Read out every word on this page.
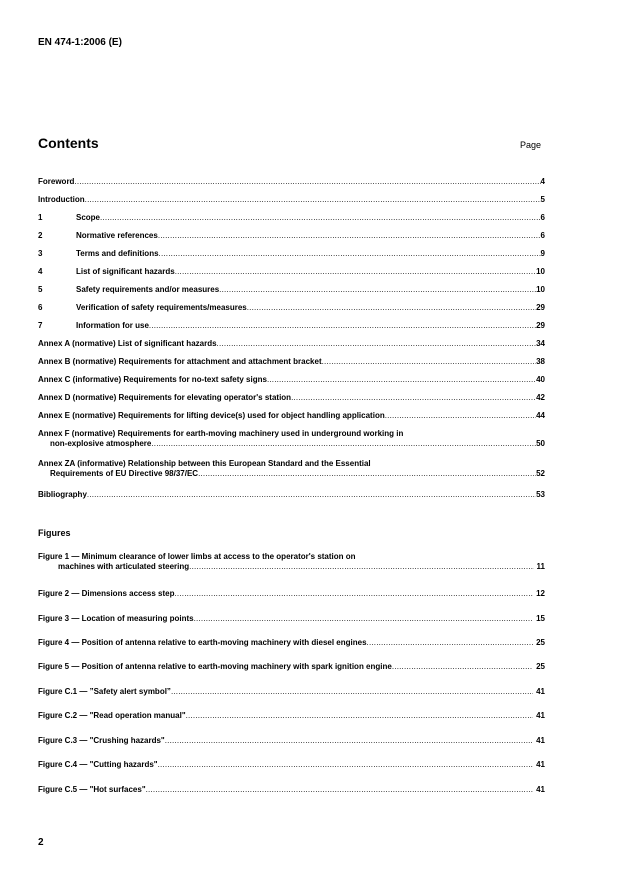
EN 474-1:2006 (E)
Contents	Page
Foreword .....	4
Introduction .....	5
1	Scope .....	6
2	Normative references .....	6
3	Terms and definitions .....	9
4	List of significant hazards .....	10
5	Safety requirements and/or measures .....	10
6	Verification of safety requirements/measures .....	29
7	Information for use .....	29
Annex A (normative) List of significant hazards .....	34
Annex B (normative) Requirements for attachment and attachment bracket .....	38
Annex C (informative) Requirements for no-text safety signs .....	40
Annex D (normative) Requirements for elevating operator's station .....	42
Annex E (normative) Requirements for lifting device(s) used for object handling application .....	44
Annex F (normative) Requirements for earth-moving machinery used in underground working in
non-explosive atmosphere .....	50
Annex ZA (informative) Relationship between this European Standard and the Essential
Requirements of EU Directive 98/37/EC .....	52
Bibliography .....	53
Figures
Figure 1 — Minimum clearance of lower limbs at access to the operator's station on
machines with articulated steering .....	11
Figure 2 — Dimensions access step .....	12
Figure 3 — Location of measuring points .....	15
Figure 4 — Position of antenna relative to earth-moving machinery with diesel engines .....	25
Figure 5 — Position of antenna relative to earth-moving machinery with spark ignition engine .....	25
Figure C.1 — ”Safety alert symbol” .....	41
Figure C.2 — "Read operation manual" .....	41
Figure C.3 — "Crushing hazards" .....	41
Figure C.4 — "Cutting hazards" .....	41
Figure C.5 — "Hot surfaces" .....	41
2
